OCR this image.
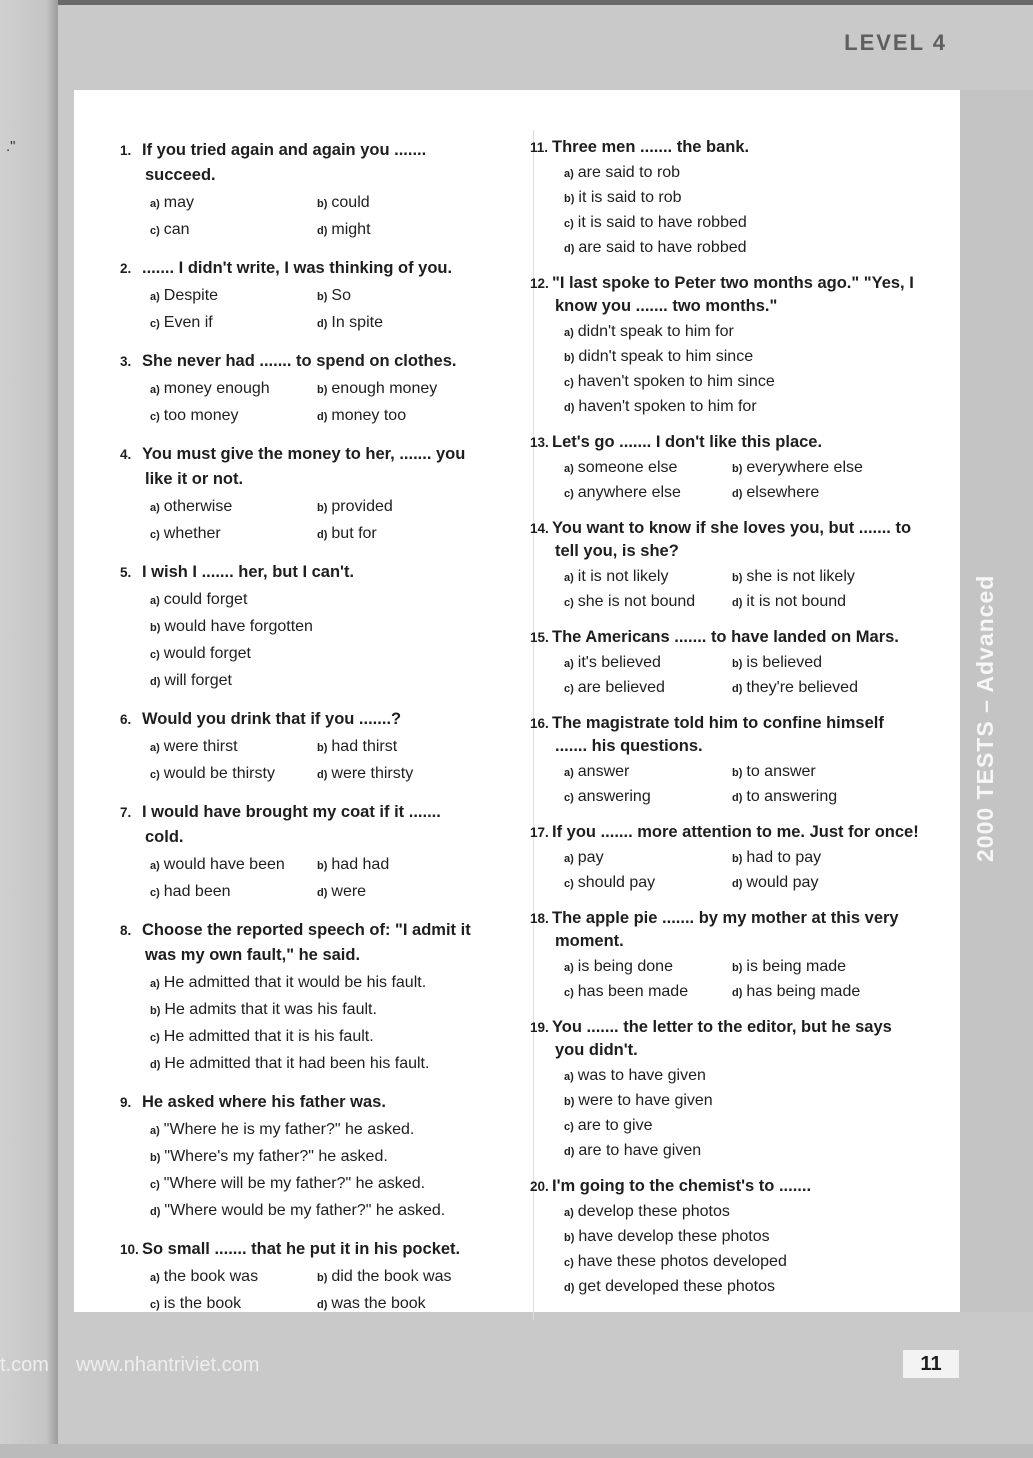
."
t.com
LEVEL 4
2000 TESTS – Advanced
1. If you tried again and again you ....... succeed.
a) may	b) could
c) can	d) might
2. ....... I didn't write, I was thinking of you.
a) Despite	b) So
c) Even if	d) In spite
3. She never had ....... to spend on clothes.
a) money enough	b) enough money
c) too money	d) money too
4. You must give the money to her, ....... you like it or not.
a) otherwise	b) provided
c) whether	d) but for
5. I wish I ....... her, but I can't.
a) could forget
b) would have forgotten
c) would forget
d) will forget
6. Would you drink that if you .......?
a) were thirst	b) had thirst
c) would be thirsty	d) were thirsty
7. I would have brought my coat if it ....... cold.
a) would have been	b) had had
c) had been	d) were
8. Choose the reported speech of: "I admit it was my own fault," he said.
a) He admitted that it would be his fault.
b) He admits that it was his fault.
c) He admitted that it is his fault.
d) He admitted that it had been his fault.
9. He asked where his father was.
a) "Where he is my father?" he asked.
b) "Where's my father?" he asked.
c) "Where will be my father?" he asked.
d) "Where would be my father?" he asked.
10. So small ....... that he put it in his pocket.
a) the book was	b) did the book was
c) is the book	d) was the book
11. Three men ....... the bank.
a) are said to rob
b) it is said to rob
c) it is said to have robbed
d) are said to have robbed
12. "I last spoke to Peter two months ago." "Yes, I know you ....... two months."
a) didn't speak to him for
b) didn't speak to him since
c) haven't spoken to him since
d) haven't spoken to him for
13. Let's go ....... I don't like this place.
a) someone else	b) everywhere else
c) anywhere else	d) elsewhere
14. You want to know if she loves you, but ....... to tell you, is she?
a) it is not likely	b) she is not likely
c) she is not bound	d) it is not bound
15. The Americans ....... to have landed on Mars.
a) it's believed	b) is believed
c) are believed	d) they're believed
16. The magistrate told him to confine himself ....... his questions.
a) answer	b) to answer
c) answering	d) to answering
17. If you ....... more attention to me. Just for once!
a) pay	b) had to pay
c) should pay	d) would pay
18. The apple pie ....... by my mother at this very moment.
a) is being done	b) is being made
c) has been made	d) has being made
19. You ....... the letter to the editor, but he says you didn't.
a) was to have given
b) were to have given
c) are to give
d) are to have given
20. I'm going to the chemist's to .......
a) develop these photos
b) have develop these photos
c) have these photos developed
d) get developed these photos
www.nhantriviet.com	11
